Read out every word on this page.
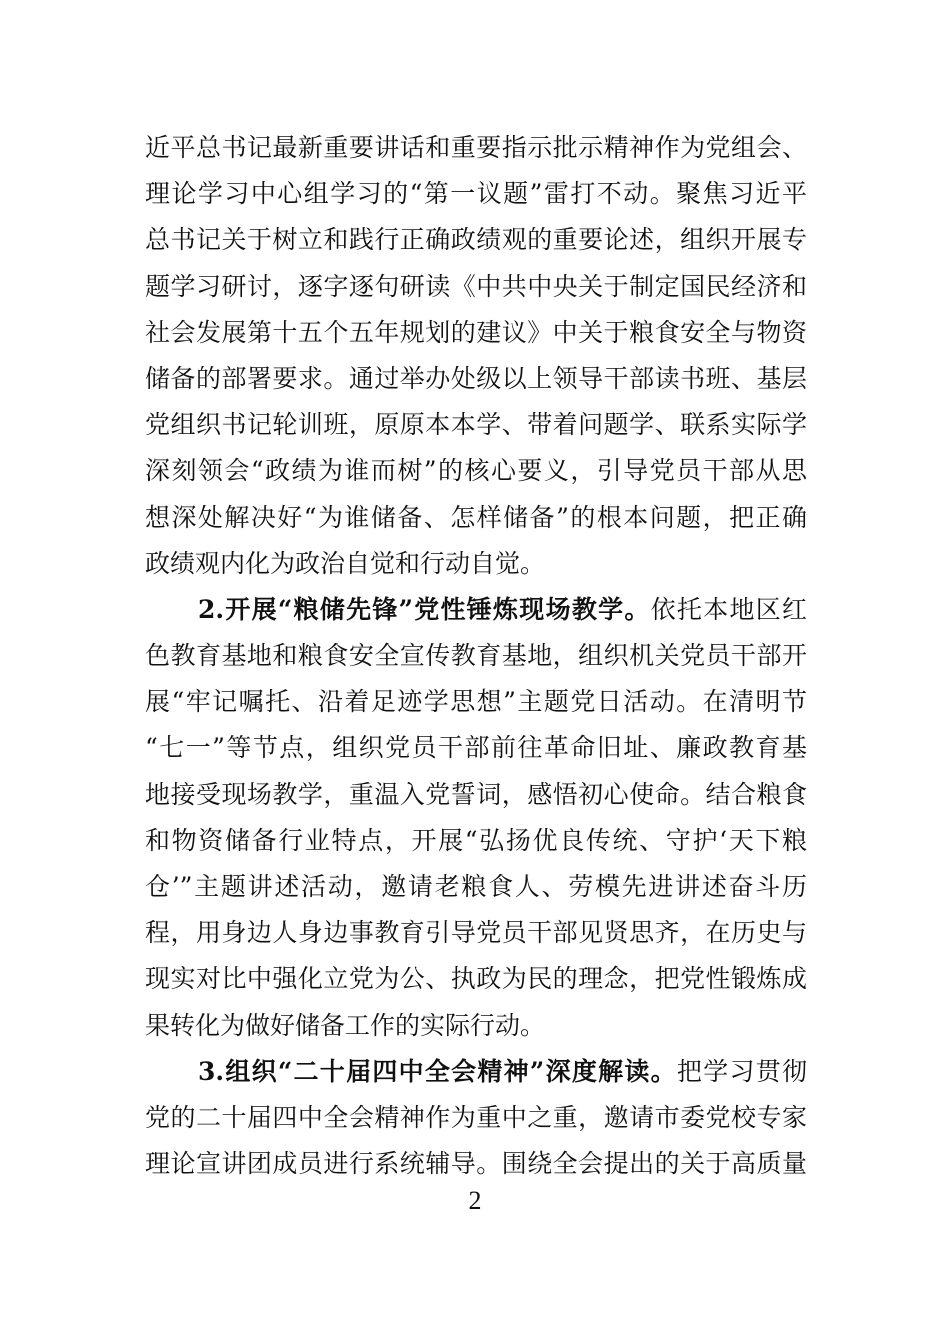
近平总书记最新重要讲话和重要指示批示精神作为党组会、
理论学习中心组学习的“第一议题”雷打不动。聚焦习近平
总书记关于树立和践行正确政绩观的重要论述，组织开展专
题学习研讨，逐字逐句研读《中共中央关于制定国民经济和
社会发展第十五个五年规划的建议》中关于粮食安全与物资
储备的部署要求。通过举办处级以上领导干部读书班、基层
党组织书记轮训班，原原本本学、带着问题学、联系实际学
深刻领会“政绩为谁而树”的核心要义，引导党员干部从思
想深处解决好“为谁储备、怎样储备”的根本问题，把正确
政绩观内化为政治自觉和行动自觉。
2.开展“粮储先锋”党性锤炼现场教学。依托本地区红
色教育基地和粮食安全宣传教育基地，组织机关党员干部开
展“牢记嘱托、沿着足迹学思想”主题党日活动。在清明节
“七一”等节点，组织党员干部前往革命旧址、廉政教育基
地接受现场教学，重温入党誓词，感悟初心使命。结合粮食
和物资储备行业特点，开展“弘扬优良传统、守护‘天下粮
仓’”主题讲述活动，邀请老粮食人、劳模先进讲述奋斗历
程，用身边人身边事教育引导党员干部见贤思齐，在历史与
现实对比中强化立党为公、执政为民的理念，把党性锻炼成
果转化为做好储备工作的实际行动。
3.组织“二十届四中全会精神”深度解读。把学习贯彻
党的二十届四中全会精神作为重中之重，邀请市委党校专家
理论宣讲团成员进行系统辅导。围绕全会提出的关于高质量
2
